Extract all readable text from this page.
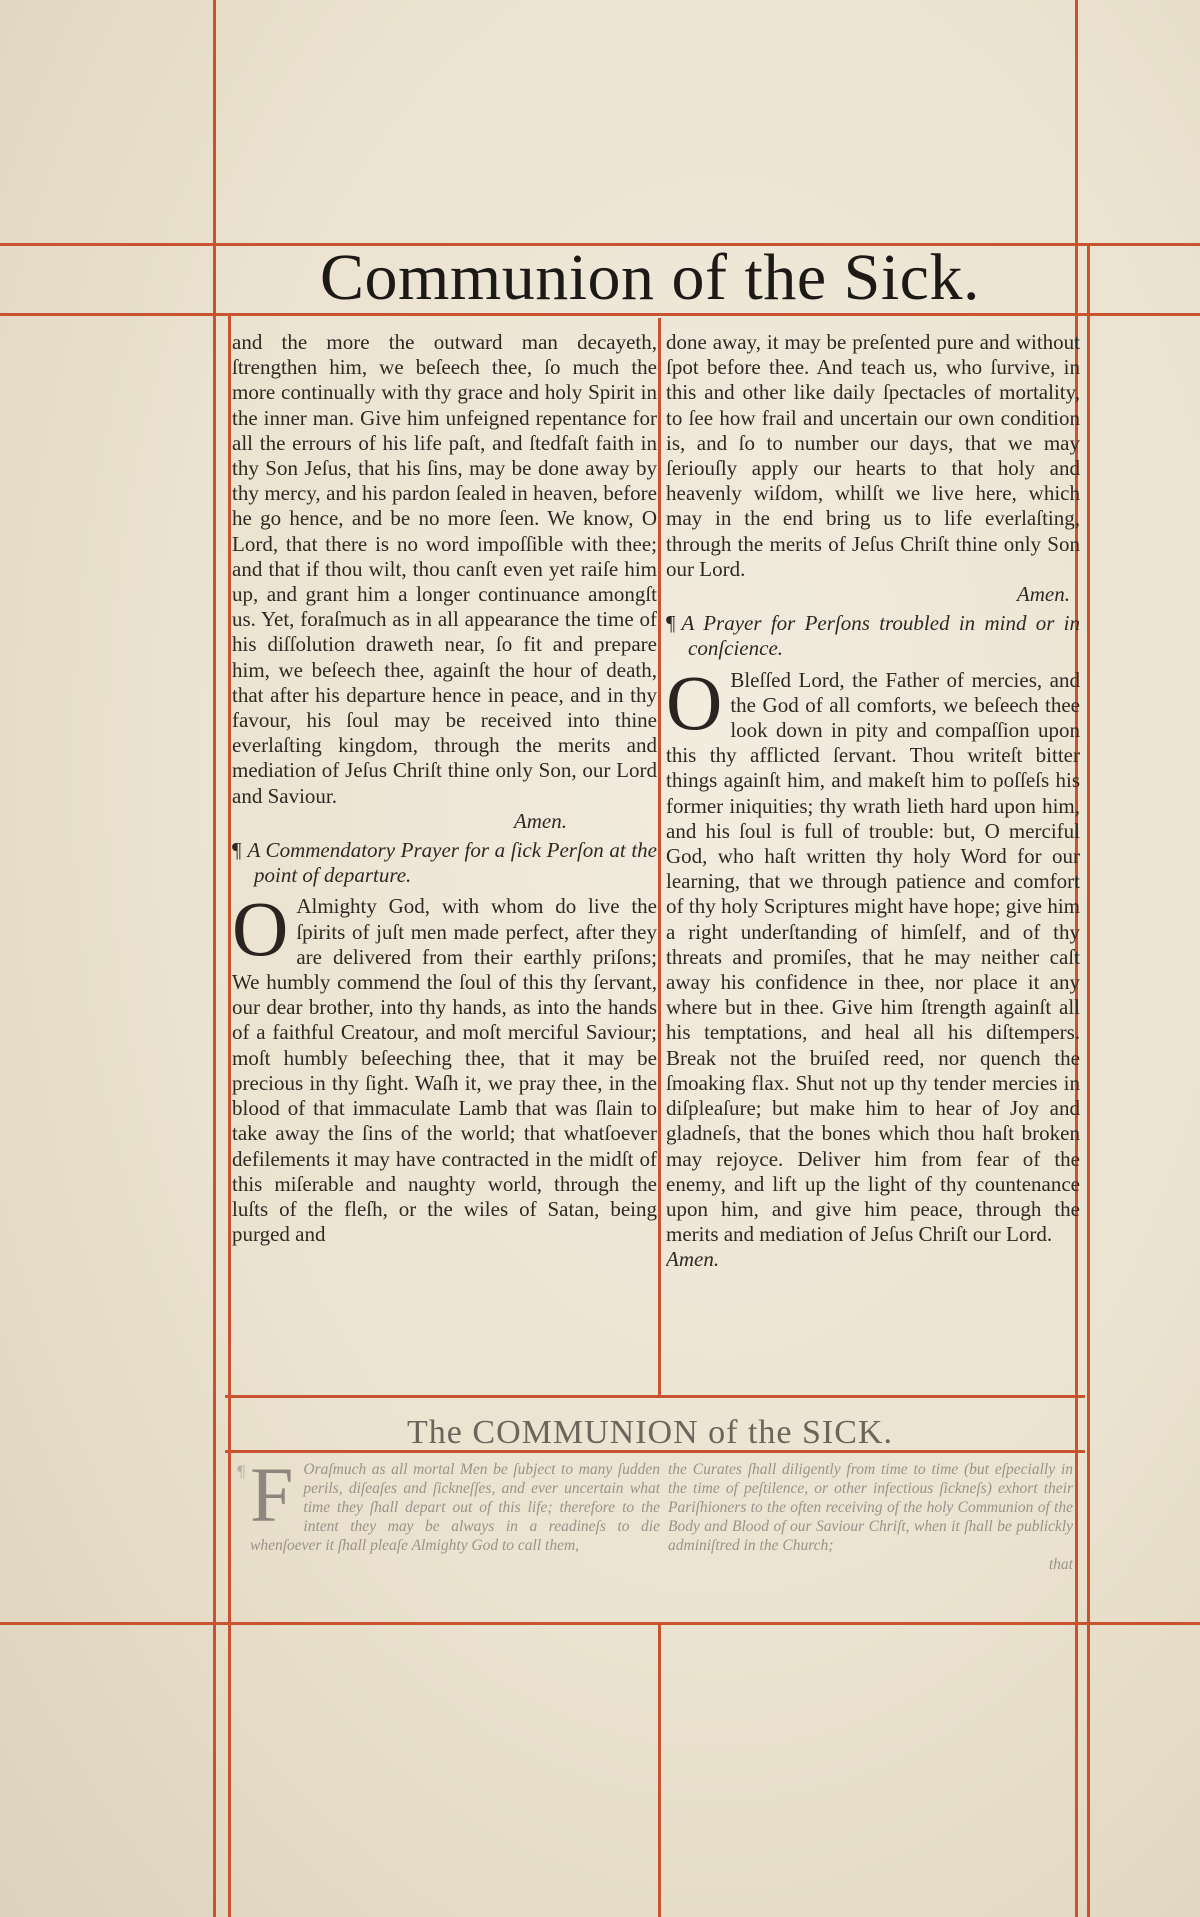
Communion of the Sick.

and the more the outward man decayeth, ſtrengthen him, we beſeech thee, ſo much the more continually with thy grace and holy Spirit in the inner man. Give him unfeigned repentance for all the errours of his life paſt, and ſtedfaſt faith in thy Son Jeſus, that his ſins, may be done away by thy mercy, and his pardon ſealed in heaven, before he go hence, and be no more ſeen. We know, O Lord, that there is no word impoſſible with thee; and that if thou wilt, thou canſt even yet raiſe him up, and grant him a longer continuance amongſt us. Yet, foraſmuch as in all appearance the time of his diſſolution draweth near, ſo fit and prepare him, we beſeech thee, againſt the hour of death, that after his departure hence in peace, and in thy favour, his ſoul may be received into thine everlaſting kingdom, through the merits and mediation of Jeſus Chriſt thine only Son, our Lord and Saviour.

Amen.

¶ A Commendatory Prayer for a ſick Perſon at the point of departure.

O Almighty God, with whom do live the ſpirits of juſt men made perfect, after they are delivered from their earthly priſons; We humbly commend the ſoul of this thy ſervant, our dear brother, into thy hands, as into the hands of a faithful Creatour, and moſt merciful Saviour; moſt humbly beſeeching thee, that it may be precious in thy ſight. Waſh it, we pray thee, in the blood of that immaculate Lamb that was ſlain to take away the ſins of the world; that whatſoever defilements it may have contracted in the midſt of this miſerable and naughty world, through the luſts of the fleſh, or the wiles of Satan, being purged and

done away, it may be preſented pure and without ſpot before thee. And teach us, who ſurvive, in this and other like daily ſpectacles of mortality, to ſee how frail and uncertain our own condition is, and ſo to number our days, that we may ſeriouſly apply our hearts to that holy and heavenly wiſdom, whilſt we live here, which may in the end bring us to life everlaſting, through the merits of Jeſus Chriſt thine only Son our Lord.

Amen.

¶ A Prayer for Perſons troubled in mind or in conſcience.

O Bleſſed Lord, the Father of mercies, and the God of all comforts, we beſeech thee look down in pity and compaſſion upon this thy afflicted ſervant. Thou writeſt bitter things againſt him, and makeſt him to poſſeſs his former iniquities; thy wrath lieth hard upon him, and his ſoul is full of trouble: but, O merciful God, who haſt written thy holy Word for our learning, that we through patience and comfort of thy holy Scriptures might have hope; give him a right underſtanding of himſelf, and of thy threats and promiſes, that he may neither caſt away his confidence in thee, nor place it any where but in thee. Give him ſtrength againſt all his temptations, and heal all his diſtempers. Break not the bruiſed reed, nor quench the ſmoaking flax. Shut not up thy tender mercies in diſpleaſure; but make him to hear of Joy and gladneſs, that the bones which thou haſt broken may rejoyce. Deliver him from fear of the enemy, and lift up the light of thy countenance upon him, and give him peace, through the merits and mediation of Jeſus Chriſt our Lord.

Amen.

The COMMUNION of the SICK.
¶ F Oraſmuch as all mortal Men be ſubject to many ſudden perils, diſeaſes and ſickneſſes, and ever uncertain what time they ſhall depart out of this life; therefore to the intent they may be always in a readineſs to die whenſoever it ſhall pleaſe Almighty God to call them,
the Curates ſhall diligently from time to time (but eſpecially in the time of peſtilence, or other infectious ſickneſs) exhort their Pariſhioners to the often receiving of the holy Communion of the Body and Blood of our Saviour Chriſt, when it ſhall be publickly adminiſtred in the Church;
that
